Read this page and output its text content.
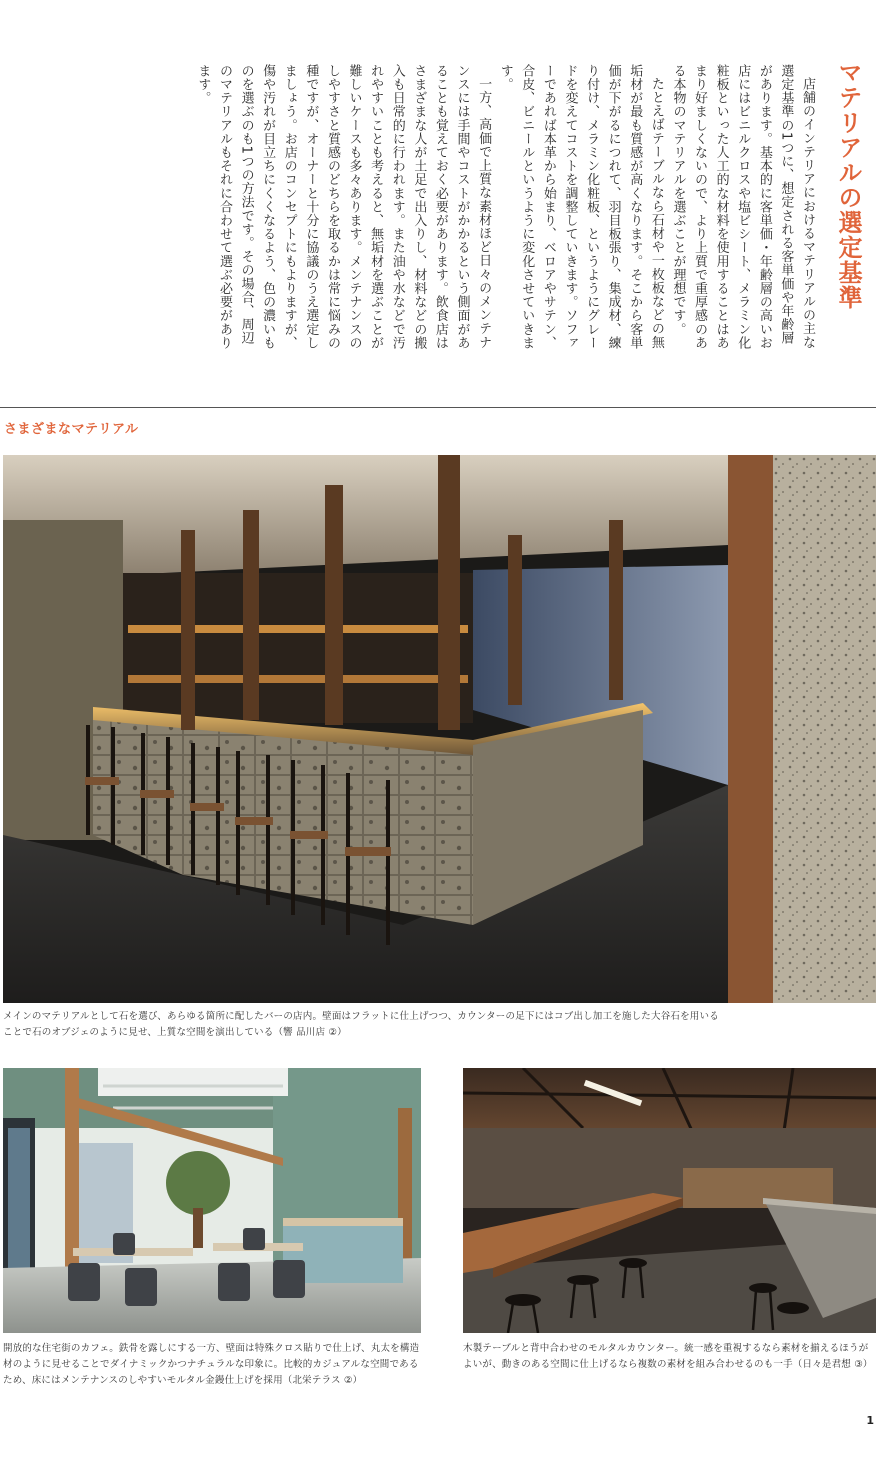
マテリアルの選定基準

店舗のインテリアにおけるマテリアルの主な選定基準の1つに、想定される客単価や年齢層があります。基本的に客単価・年齢層の高いお店にはビニルクロスや塩ビシート、メラミン化粧板といった人工的な材料を使用することはあまり好ましくないので、より上質で重厚感のある本物のマテリアルを選ぶことが理想です。

たとえばテーブルなら石材や一枚板などの無垢材が最も質感が高くなります。そこから客単価が下がるにつれて、羽目板張り、集成材、練り付け、メラミン化粧板、というようにグレードを変えてコストを調整していきます。ソファーであれば本革から始まり、ベロアやサテン、合皮、ビニールというように変化させていきます。

一方、高価で上質な素材ほど日々のメンテナンスには手間やコストがかかるという側面があることも覚えておく必要があります。飲食店はさまざまな人が土足で出入りし、材料などの搬入も日常的に行われます。また油や水などで汚れやすいことも考えると、無垢材を選ぶことが難しいケースも多々あります。メンテナンスのしやすさと質感のどちらを取るかは常に悩みの種ですが、オーナーと十分に協議のうえ選定しましょう。お店のコンセプトにもよりますが、傷や汚れが目立ちにくくなるよう、色の濃いものを選ぶのも1つの方法です。その場合、周辺のマテリアルもそれに合わせて選ぶ必要があります。

さまざまなマテリアル
メインのマテリアルとして石を選び、あらゆる箇所に配したバーの店内。壁面はフラットに仕上げつつ、カウンターの足下にはコブ出し加工を施した大谷石を用いることで石のオブジェのように見せ、上質な空間を演出している（響 品川店 ②）
開放的な住宅街のカフェ。鉄骨を露しにする一方、壁面は特殊クロス貼りで仕上げ、丸太を構造材のように見せることでダイナミックかつナチュラルな印象に。比較的カジュアルな空間であるため、床にはメンテナンスのしやすいモルタル金鏝仕上げを採用（北栄テラス ②）
木製テーブルと背中合わせのモルタルカウンター。統一感を重視するなら素材を揃えるほうがよいが、動きのある空間に仕上げるなら複数の素材を組み合わせるのも一手（日々是君想 ③）
1
